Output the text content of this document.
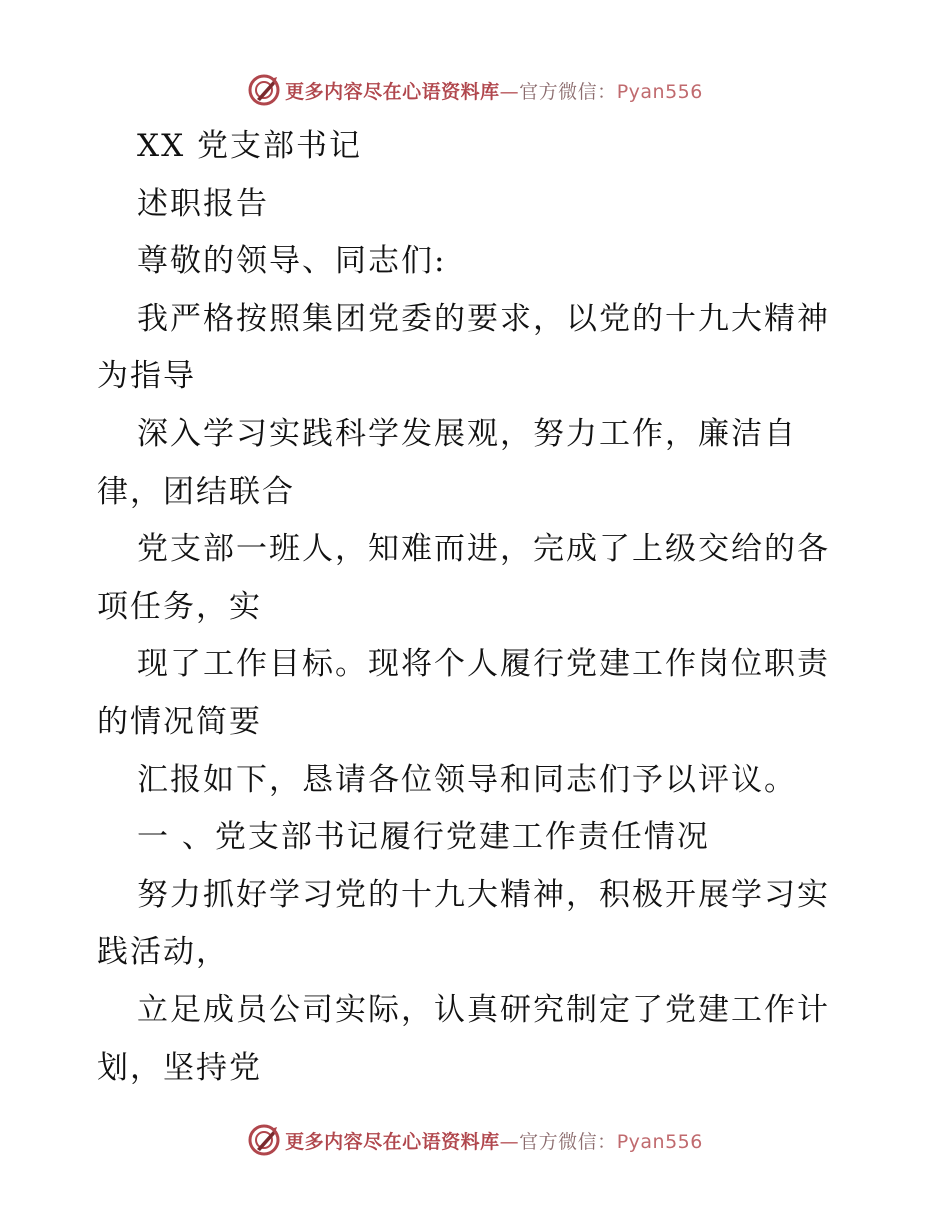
更多内容尽在心语资料库—官方微信：Pyan556
XX 党支部书记
述职报告
尊敬的领导、同志们:
我严格按照集团党委的要求，以党的十九大精神
为指导
深入学习实践科学发展观，努力工作，廉洁自
律，团结联合
党支部一班人，知难而进，完成了上级交给的各
项任务，实
现了工作目标。现将个人履行党建工作岗位职责
的情况简要
汇报如下，恳请各位领导和同志们予以评议。
一 、党支部书记履行党建工作责任情况
努力抓好学习党的十九大精神，积极开展学习实
践活动，
立足成员公司实际，认真研究制定了党建工作计
划，坚持党
更多内容尽在心语资料库—官方微信：Pyan556
